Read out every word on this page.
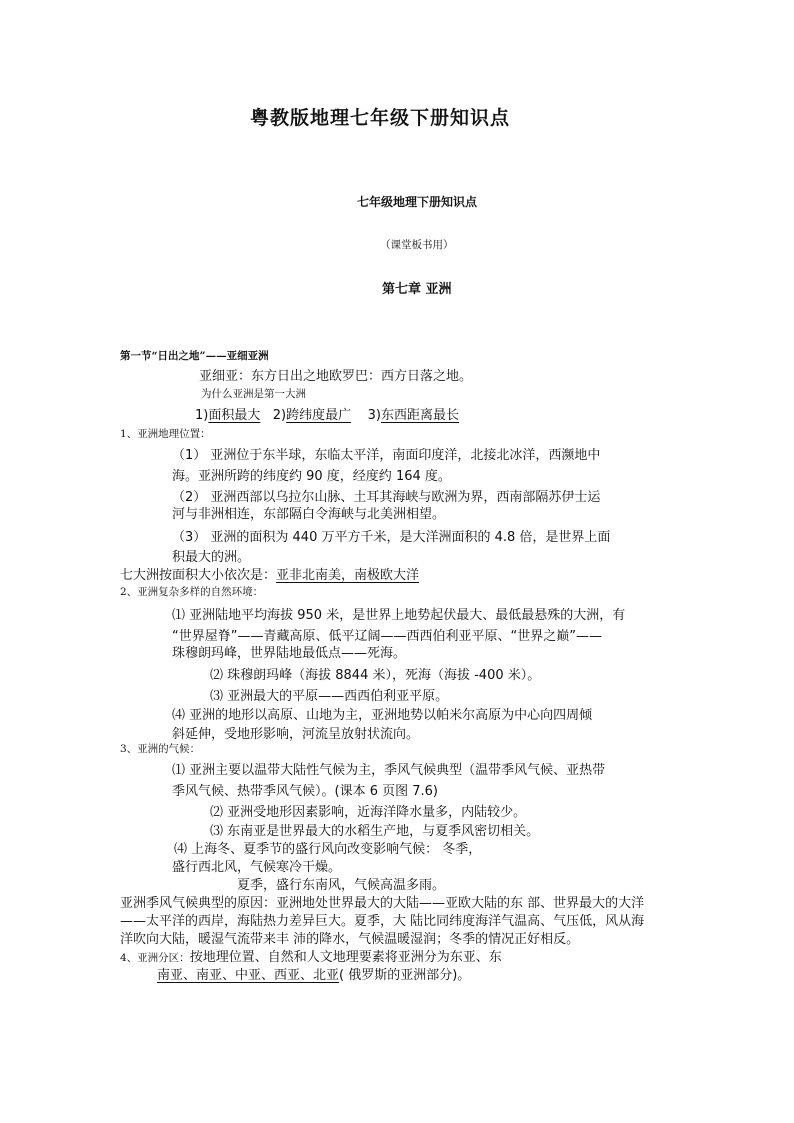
粤教版地理七年级下册知识点
七年级地理下册知识点
（课堂板书用）
第七章 亚洲
第一节“日出之地”——亚细亚洲
亚细亚：东方日出之地欧罗巴：西方日落之地。
为什么亚洲是第一大洲
1)面积最大 2)跨纬度最广 3)东西距离最长
1、亚洲地理位置：
（1） 亚洲位于东半球，东临太平洋，南面印度洋，北接北冰洋，西濒地中
海。亚洲所跨的纬度约 90 度，经度约 164 度。
（2） 亚洲西部以乌拉尔山脉、土耳其海峡与欧洲为界，西南部隔苏伊士运
河与非洲相连，东部隔白令海峡与北美洲相望。
（3） 亚洲的面积为 440 万平方千米，是大洋洲面积的 4.8 倍，是世界上面
积最大的洲。
七大洲按面积大小依次是：亚非北南美，南极欧大洋
2、亚洲复杂多样的自然环境：
⑴ 亚洲陆地平均海拔 950 米，是世界上地势起伏最大、最低最悬殊的大洲，有
“世界屋脊”——青藏高原、低平辽阔——西西伯利亚平原、“世界之巅”——
珠穆朗玛峰，世界陆地最低点——死海。
⑵ 珠穆朗玛峰（海拔 8844 米），死海（海拔 -400 米）。
⑶ 亚洲最大的平原——西西伯利亚平原。
⑷ 亚洲的地形以高原、山地为主，亚洲地势以帕米尔高原为中心向四周倾
斜延伸，受地形影响，河流呈放射状流向。
3、亚洲的气候：
⑴ 亚洲主要以温带大陆性气候为主，季风气候典型（温带季风气候、亚热带
季风气候、热带季风气候）。(课本 6 页图 7.6)
⑵ 亚洲受地形因素影响，近海洋降水量多，内陆较少。
⑶ 东南亚是世界最大的水稻生产地，与夏季风密切相关。
⑷ 上海冬、夏季节的盛行风向改变影响气候： 冬季，
盛行西北风，气候寒冷干燥。
夏季，盛行东南风，气候高温多雨。
亚洲季风气候典型的原因：亚洲地处世界最大的大陆——亚欧大陆的东 部、世界最大的大洋
——太平洋的西岸，海陆热力差异巨大。夏季，大 陆比同纬度海洋气温高、气压低，风从海
洋吹向大陆，暖湿气流带来丰 沛的降水，气候温暖湿润；冬季的情况正好相反。
4、亚洲分区：按地理位置、自然和人文地理要素将亚洲分为东亚、东
南亚、南亚、中亚、西亚、北亚( 俄罗斯的亚洲部分)。
